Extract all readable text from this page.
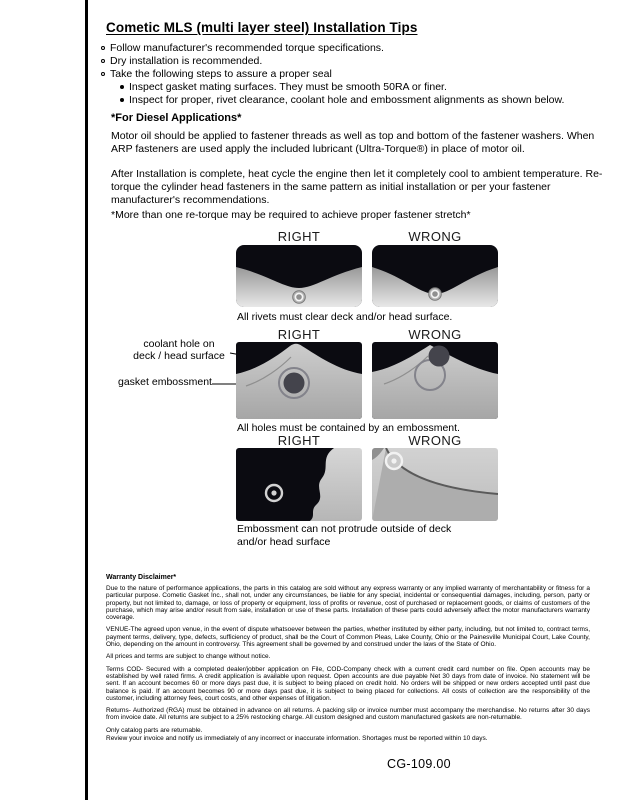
Cometic MLS (multi layer steel) Installation Tips
Follow manufacturer's recommended torque specifications.
Dry installation is recommended.
Take the following steps to assure a proper seal
Inspect gasket mating surfaces. They must be smooth 50RA or finer.
Inspect for proper, rivet clearance, coolant hole and embossment alignments as shown below.
*For Diesel Applications*
Motor oil should be applied to fastener threads as well as top and bottom of the fastener washers. When ARP fasteners are used apply the included lubricant (Ultra-Torque®) in place of motor oil.
After Installation is complete, heat cycle the engine then let it completely cool to ambient temperature. Re-torque the cylinder head fasteners in the same pattern as initial installation or per your fastener manufacturer's recommendations.
*More than one re-torque may be required to achieve proper fastener stretch*
RIGHT	WRONG
All rivets must clear deck and/or head surface.
RIGHT	WRONG
coolant hole on
deck / head surface
gasket embossment
All holes must be contained by an embossment.
RIGHT	WRONG
Embossment can not protrude outside of deck
and/or head surface
Warranty Disclaimer*
Due to the nature of performance applications, the parts in this catalog are sold without any express warranty or any implied warranty of merchantability or fitness for a particular purpose. Cometic Gasket Inc., shall not, under any circumstances, be liable for any special, incidental or consequential damages, including, person, party or property, but not limited to, damage, or loss of property or equipment, loss of profits or revenue, cost of purchased or replacement goods, or claims of customers of the purchase, which may arise and/or result from sale, installation or use of these parts. Installation of these parts could adversely affect the motor manufacturers warranty coverage.
VENUE-The agreed upon venue, in the event of dispute whatsoever between the parties, whether instituted by either party, including, but not limited to, contract terms, payment terms, delivery, type, defects, sufficiency of product, shall be the Court of Common Pleas, Lake County, Ohio or the Painesville Municipal Court, Lake County, Ohio, depending on the amount in controversy. This agreement shall be governed by and construed under the laws of the State of Ohio.
All prices and terms are subject to change without notice.
Terms COD- Secured with a completed dealer/jobber application on File, COD-Company check with a current credit card number on file. Open accounts may be established by well rated firms. A credit application is available upon request. Open accounts are due payable Net 30 days from date of invoice. No statement will be sent. If an account becomes 60 or more days past due, it is subject to being placed on credit hold. No orders will be shipped or new orders accepted until past due balance is paid. If an account becomes 90 or more days past due, it is subject to being placed for collections. All costs of collection are the responsibility of the customer, including attorney fees, court costs, and other expenses of litigation.
Returns- Authorized (RGA) must be obtained in advance on all returns. A packing slip or invoice number must accompany the merchandise. No returns after 30 days from invoice date. All returns are subject to a 25% restocking charge. All custom designed and custom manufactured gaskets are non-returnable.
Only catalog parts are returnable.
Review your invoice and notify us immediately of any incorrect or inaccurate information. Shortages must be reported within 10 days.
CG-109.00
